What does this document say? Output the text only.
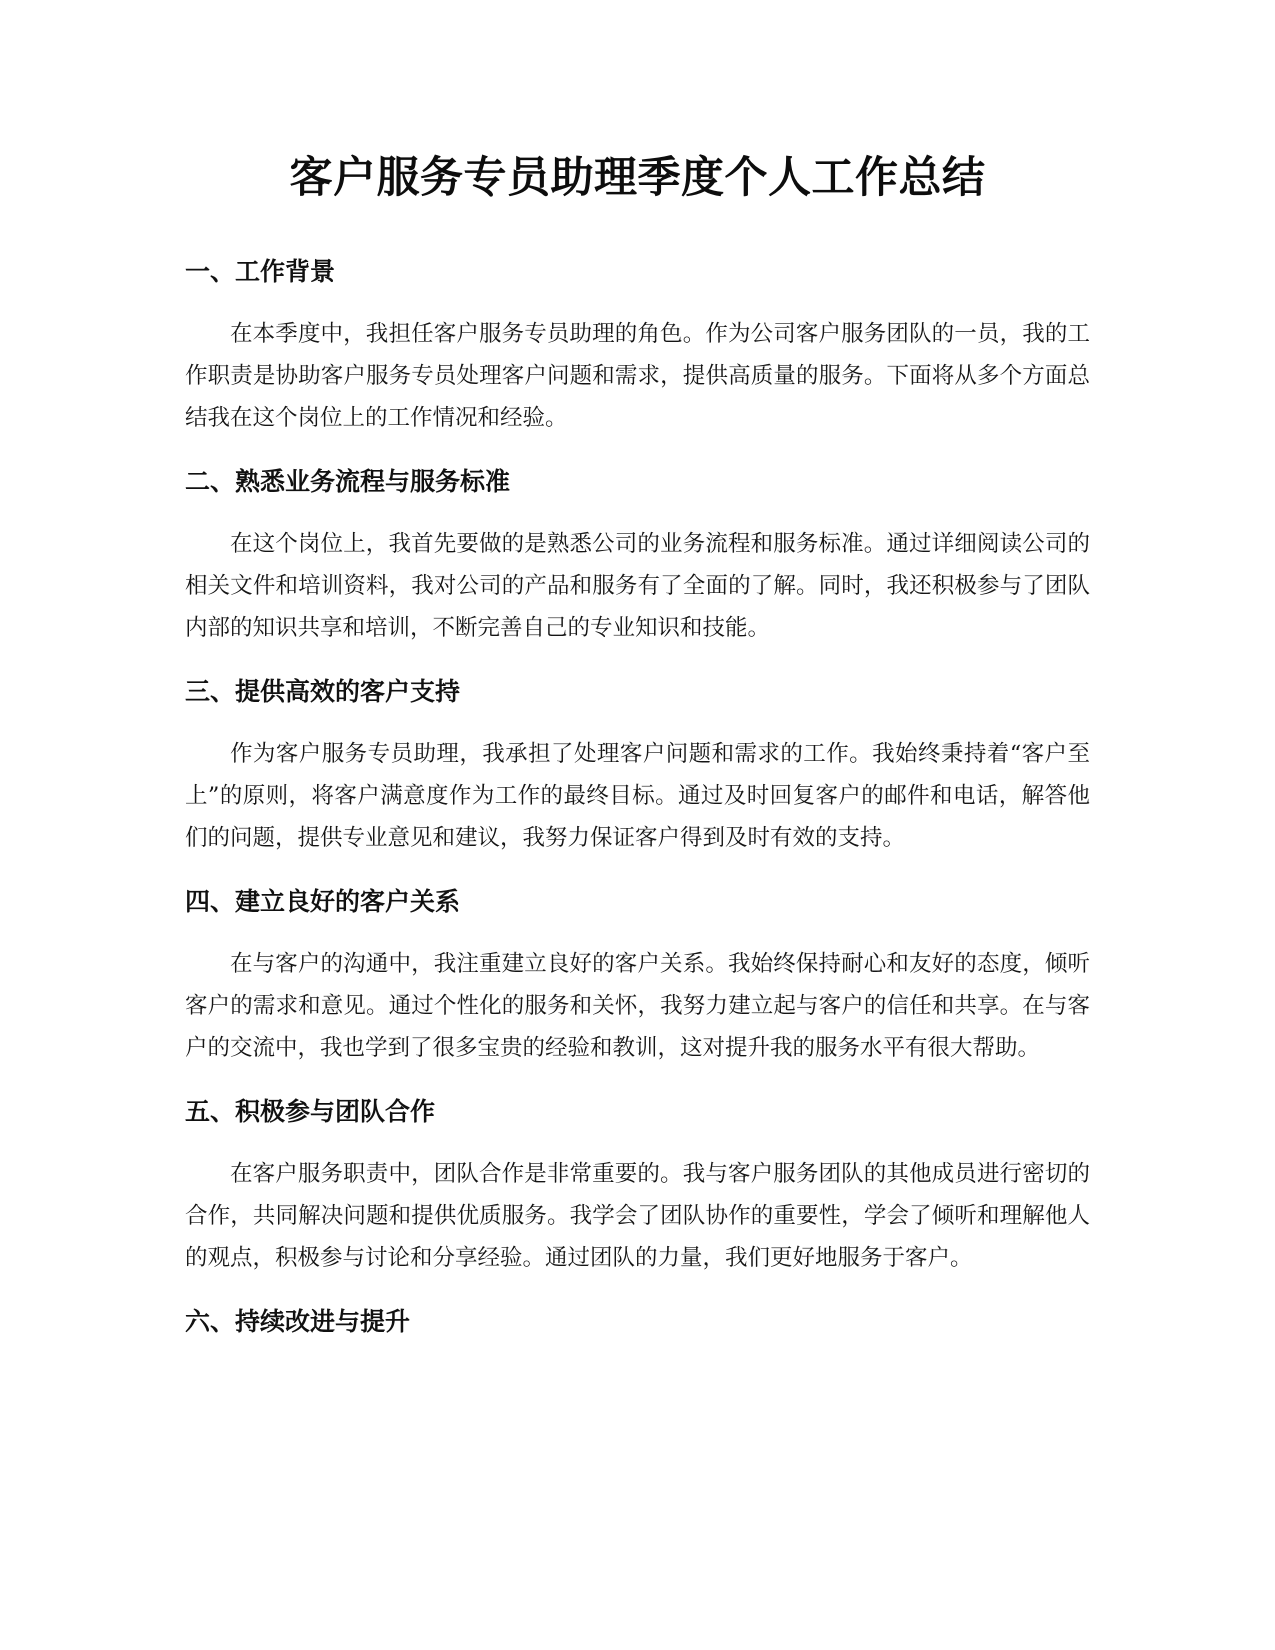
客户服务专员助理季度个人工作总结
一、工作背景

在本季度中，我担任客户服务专员助理的角色。作为公司客户服务团队的一员，我的工作职责是协助客户服务专员处理客户问题和需求，提供高质量的服务。下面将从多个方面总结我在这个岗位上的工作情况和经验。

二、熟悉业务流程与服务标准

在这个岗位上，我首先要做的是熟悉公司的业务流程和服务标准。通过详细阅读公司的相关文件和培训资料，我对公司的产品和服务有了全面的了解。同时，我还积极参与了团队内部的知识共享和培训，不断完善自己的专业知识和技能。

三、提供高效的客户支持

作为客户服务专员助理，我承担了处理客户问题和需求的工作。我始终秉持着“客户至上”的原则，将客户满意度作为工作的最终目标。通过及时回复客户的邮件和电话，解答他们的问题，提供专业意见和建议，我努力保证客户得到及时有效的支持。

四、建立良好的客户关系

在与客户的沟通中，我注重建立良好的客户关系。我始终保持耐心和友好的态度，倾听客户的需求和意见。通过个性化的服务和关怀，我努力建立起与客户的信任和共享。在与客户的交流中，我也学到了很多宝贵的经验和教训，这对提升我的服务水平有很大帮助。

五、积极参与团队合作

在客户服务职责中，团队合作是非常重要的。我与客户服务团队的其他成员进行密切的合作，共同解决问题和提供优质服务。我学会了团队协作的重要性，学会了倾听和理解他人的观点，积极参与讨论和分享经验。通过团队的力量，我们更好地服务于客户。

六、持续改进与提升
